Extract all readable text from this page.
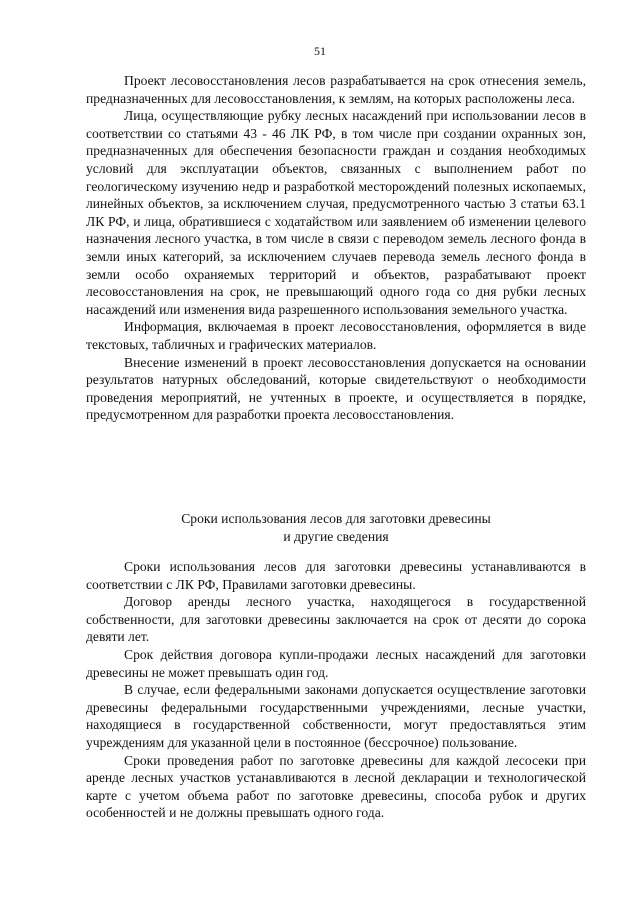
51

Проект лесовосстановления лесов разрабатывается на срок отнесения земель, предназначенных для лесовосстановления, к землям, на которых расположены леса.

Лица, осуществляющие рубку лесных насаждений при использовании лесов в соответствии со статьями 43 - 46 ЛК РФ, в том числе при создании охранных зон, предназначенных для обеспечения безопасности граждан и создания необходимых условий для эксплуатации объектов, связанных с выполнением работ по геологическому изучению недр и разработкой месторождений полезных ископаемых, линейных объектов, за исключением случая, предусмотренного частью 3 статьи 63.1 ЛК РФ, и лица, обратившиеся с ходатайством или заявлением об изменении целевого назначения лесного участка, в том числе в связи с переводом земель лесного фонда в земли иных категорий, за исключением случаев перевода земель лесного фонда в земли особо охраняемых территорий и объектов, разрабатывают проект лесовосстановления на срок, не превышающий одного года со дня рубки лесных насаждений или изменения вида разрешенного использования земельного участка.

Информация, включаемая в проект лесовосстановления, оформляется в виде текстовых, табличных и графических материалов.

Внесение изменений в проект лесовосстановления допускается на основании результатов натурных обследований, которые свидетельствуют о необходимости проведения мероприятий, не учтенных в проекте, и осуществляется в порядке, предусмотренном для разработки проекта лесовосстановления.

Сроки использования лесов для заготовки древесины
и другие сведения

Сроки использования лесов для заготовки древесины устанавливаются в соответствии с ЛК РФ, Правилами заготовки древесины.

Договор аренды лесного участка, находящегося в государственной собственности, для заготовки древесины заключается на срок от десяти до сорока девяти лет.

Срок действия договора купли-продажи лесных насаждений для заготовки древесины не может превышать один год.

В случае, если федеральными законами допускается осуществление заготовки древесины федеральными государственными учреждениями, лесные участки, находящиеся в государственной собственности, могут предоставляться этим учреждениям для указанной цели в постоянное (бессрочное) пользование.

Сроки проведения работ по заготовке древесины для каждой лесосеки при аренде лесных участков устанавливаются в лесной декларации и технологической карте с учетом объема работ по заготовке древесины, способа рубок и других особенностей и не должны превышать одного года.
